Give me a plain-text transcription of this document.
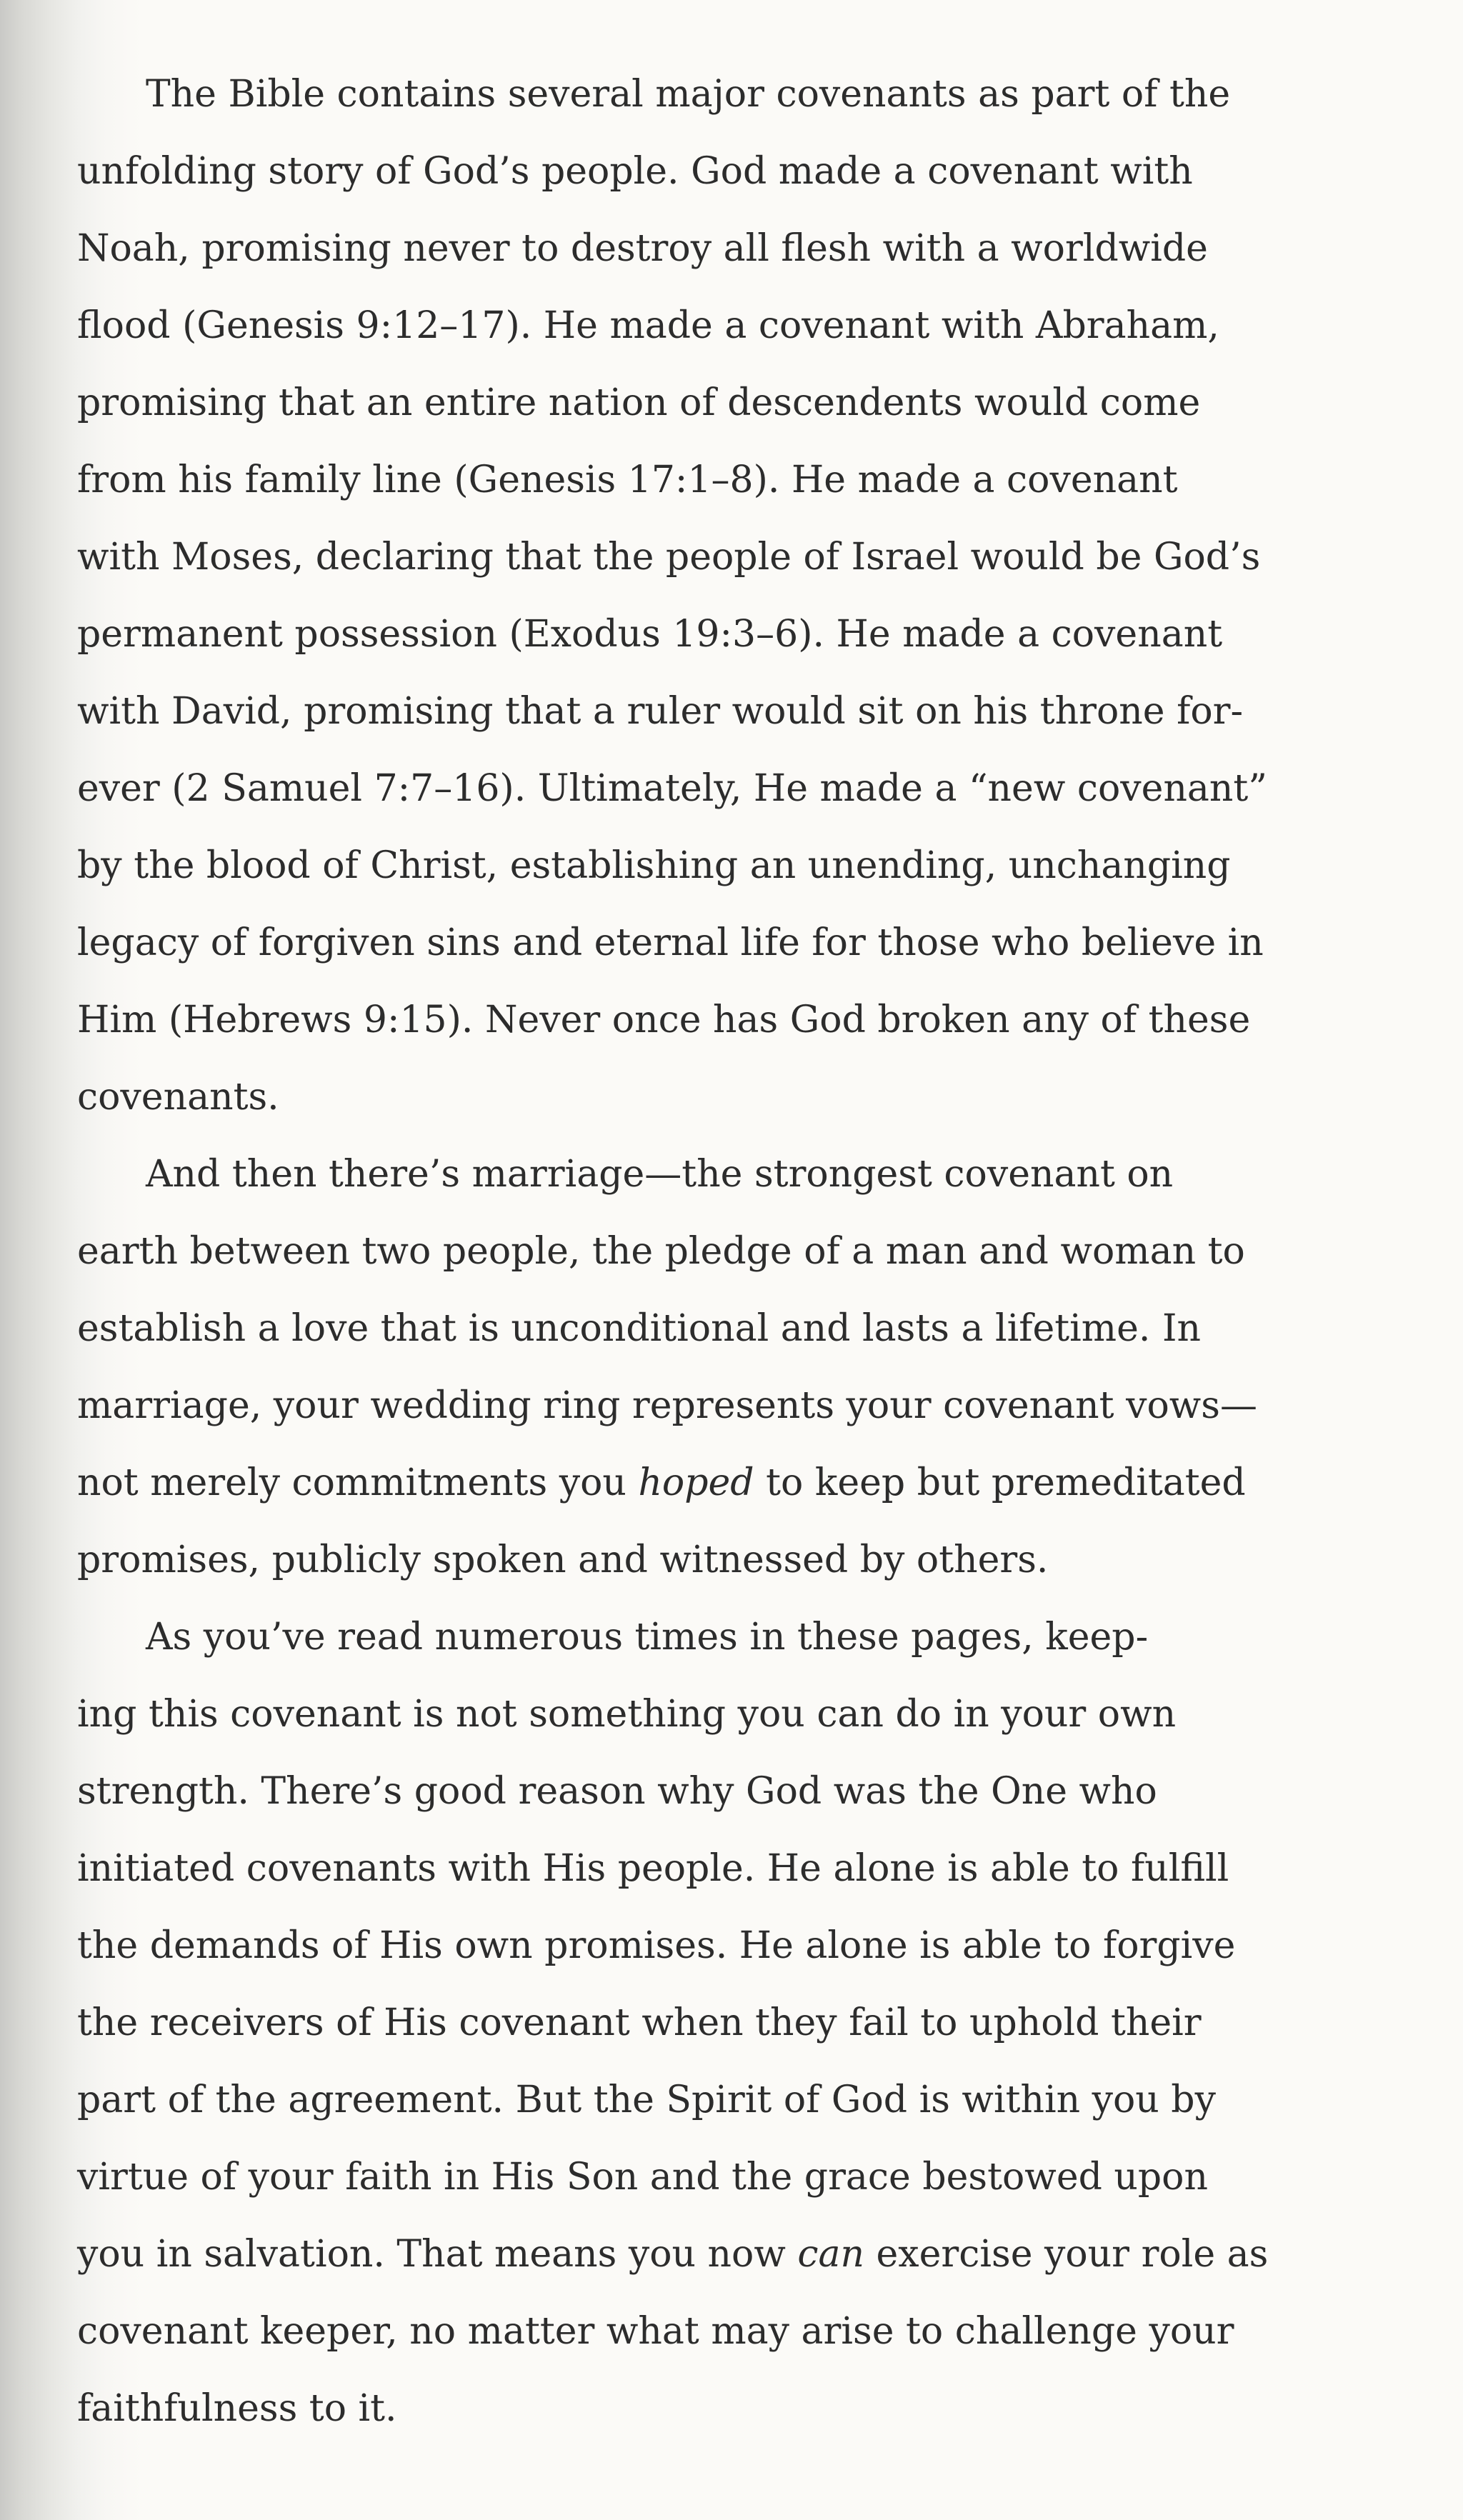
The Bible contains several major covenants as part of the
unfolding story of God’s people. God made a covenant with
Noah, promising never to destroy all flesh with a worldwide
flood (Genesis 9:12–17). He made a covenant with Abraham,
promising that an entire nation of descendents would come
from his family line (Genesis 17:1–8). He made a covenant
with Moses, declaring that the people of Israel would be God’s
permanent possession (Exodus 19:3–6). He made a covenant
with David, promising that a ruler would sit on his throne for-
ever (2 Samuel 7:7–16). Ultimately, He made a “new covenant”
by the blood of Christ, establishing an unending, unchanging
legacy of forgiven sins and eternal life for those who believe in
Him (Hebrews 9:15). Never once has God broken any of these
covenants.
And then there’s marriage—the strongest covenant on
earth between two people, the pledge of a man and woman to
establish a love that is unconditional and lasts a lifetime. In
marriage, your wedding ring represents your covenant vows—
not merely commitments you hoped to keep but premeditated
promises, publicly spoken and witnessed by others.
As you’ve read numerous times in these pages, keep-
ing this covenant is not something you can do in your own
strength. There’s good reason why God was the One who
initiated covenants with His people. He alone is able to fulfill
the demands of His own promises. He alone is able to forgive
the receivers of His covenant when they fail to uphold their
part of the agreement. But the Spirit of God is within you by
virtue of your faith in His Son and the grace bestowed upon
you in salvation. That means you now can exercise your role as
covenant keeper, no matter what may arise to challenge your
faithfulness to it.
